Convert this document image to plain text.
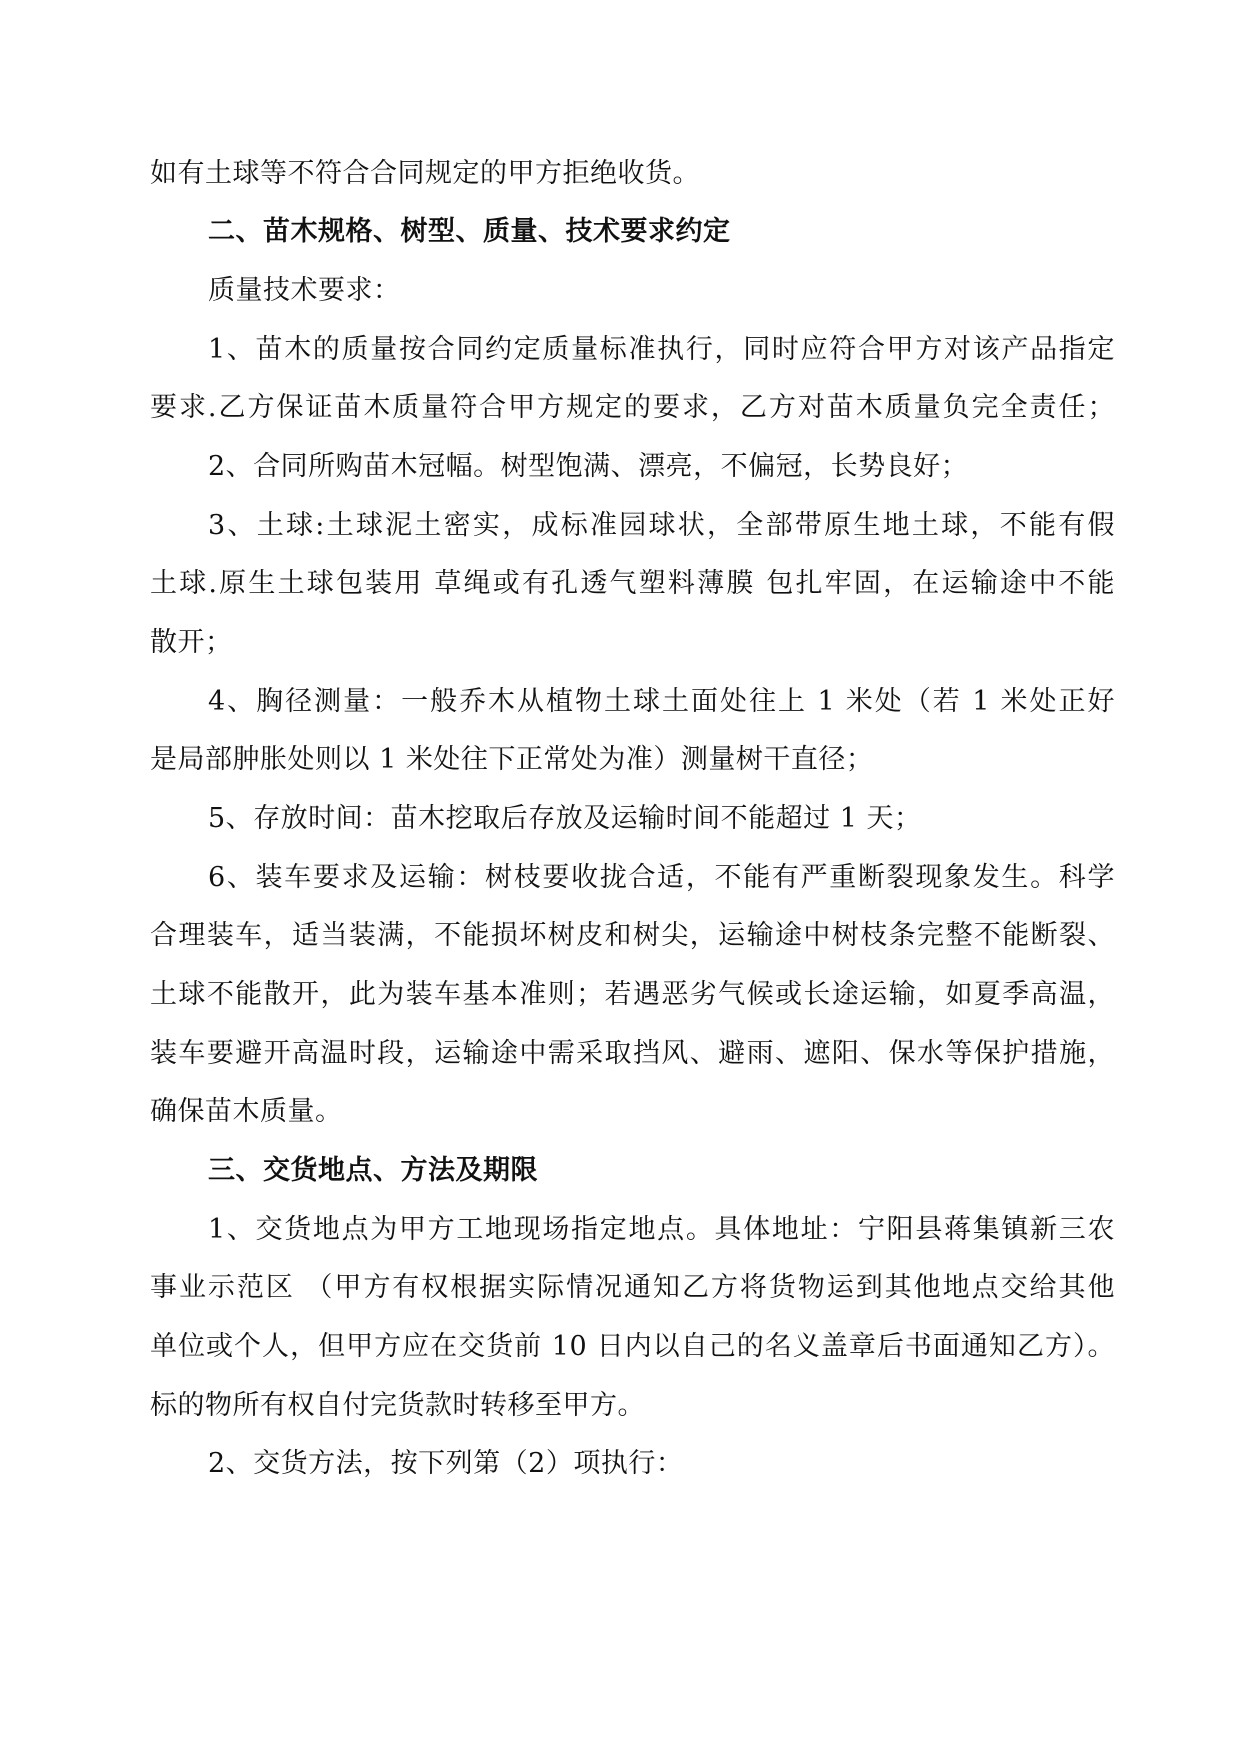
如有土球等不符合合同规定的甲方拒绝收货。
二、苗木规格、树型、质量、技术要求约定
质量技术要求：
1、苗木的质量按合同约定质量标准执行，同时应符合甲方对该产品指定
要求.乙方保证苗木质量符合甲方规定的要求，乙方对苗木质量负完全责任；
2、合同所购苗木冠幅。树型饱满、漂亮，不偏冠，长势良好；
3、土球:土球泥土密实，成标准园球状，全部带原生地土球，不能有假
土球.原生土球包装用 草绳或有孔透气塑料薄膜 包扎牢固，在运输途中不能
散开；
4、胸径测量：一般乔木从植物土球土面处往上 1 米处（若 1 米处正好
是局部肿胀处则以 1 米处往下正常处为准）测量树干直径；
5、存放时间：苗木挖取后存放及运输时间不能超过 1 天；
6、装车要求及运输：树枝要收拢合适，不能有严重断裂现象发生。科学
合理装车，适当装满，不能损坏树皮和树尖，运输途中树枝条完整不能断裂、
土球不能散开，此为装车基本准则；若遇恶劣气候或长途运输，如夏季高温，
装车要避开高温时段，运输途中需采取挡风、避雨、遮阳、保水等保护措施，
确保苗木质量。
三、交货地点、方法及期限
1、交货地点为甲方工地现场指定地点。具体地址：宁阳县蒋集镇新三农
事业示范区 （甲方有权根据实际情况通知乙方将货物运到其他地点交给其他
单位或个人，但甲方应在交货前 10 日内以自己的名义盖章后书面通知乙方）。
标的物所有权自付完货款时转移至甲方。
2、交货方法，按下列第（2）项执行：
